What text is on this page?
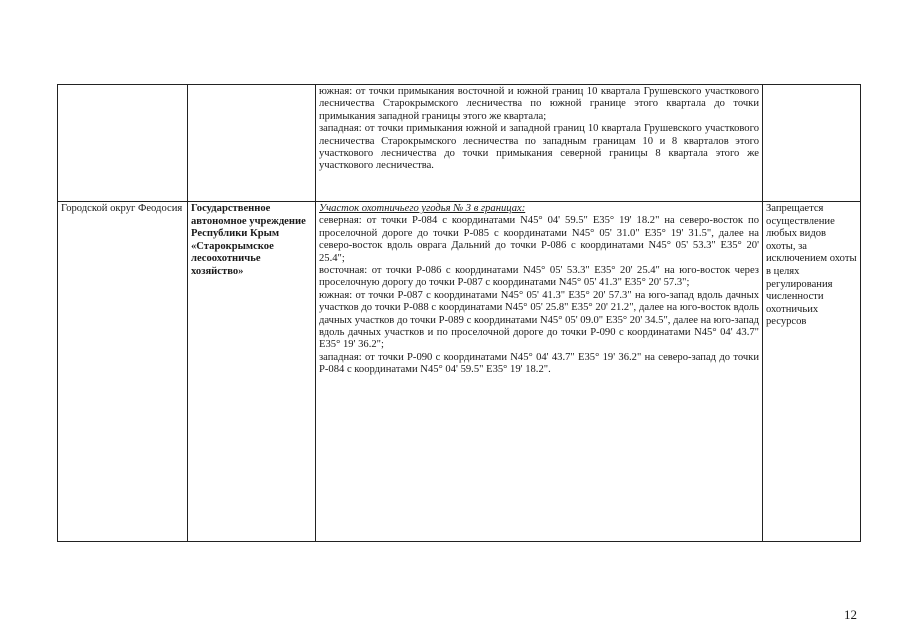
		южная: от точки примыкания восточной и южной границ 10 квартала Грушевского участкового лесничества Старокрымского лесничества по южной границе этого квартала до точки примыкания западной границы этого же квартала;
западная: от точки примыкания южной и западной границ 10 квартала Грушевского участкового лесничества Старокрымского лесничества по западным границам 10 и 8 кварталов этого участкового лесничества до точки примыкания северной границы 8 квартала этого же участкового лесничества.	

Городской округ Феодосия	Государственное автономное учреждение Республики Крым «Старокрымское лесоохотничье хозяйство»	Участок охотничьего угодья № 3 в границах:
северная: от точки Р-084 с координатами N45° 04' 59.5" E35° 19' 18.2" на северо-восток по проселочной дороге до точки Р-085 с координатами N45° 05' 31.0" E35° 19' 31.5", далее на северо-восток вдоль оврага Дальний до точки Р-086 с координатами N45° 05' 53.3" E35° 20' 25.4";
восточная: от точки Р-086 с координатами N45° 05' 53.3" E35° 20' 25.4" на юго-восток через проселочную дорогу до точки Р-087 с координатами N45° 05' 41.3" E35° 20' 57.3";
южная: от точки Р-087 с координатами N45° 05' 41.3" E35° 20' 57.3" на юго-запад вдоль дачных участков до точки Р-088 с координатами N45° 05' 25.8" E35° 20' 21.2", далее на юго-восток вдоль дачных участков до точки Р-089 с координатами N45° 05' 09.0" E35° 20' 34.5", далее на юго-запад вдоль дачных участков и по проселочной дороге до точки Р-090 с координатами N45° 04' 43.7" E35° 19' 36.2";
западная: от точки Р-090 с координатами N45° 04' 43.7" E35° 19' 36.2" на северо-запад до точки Р-084 с координатами N45° 04' 59.5" E35° 19' 18.2".	Запрещается осуществление любых видов охоты, за исключением охоты в целях регулирования численности охотничьих ресурсов
12
